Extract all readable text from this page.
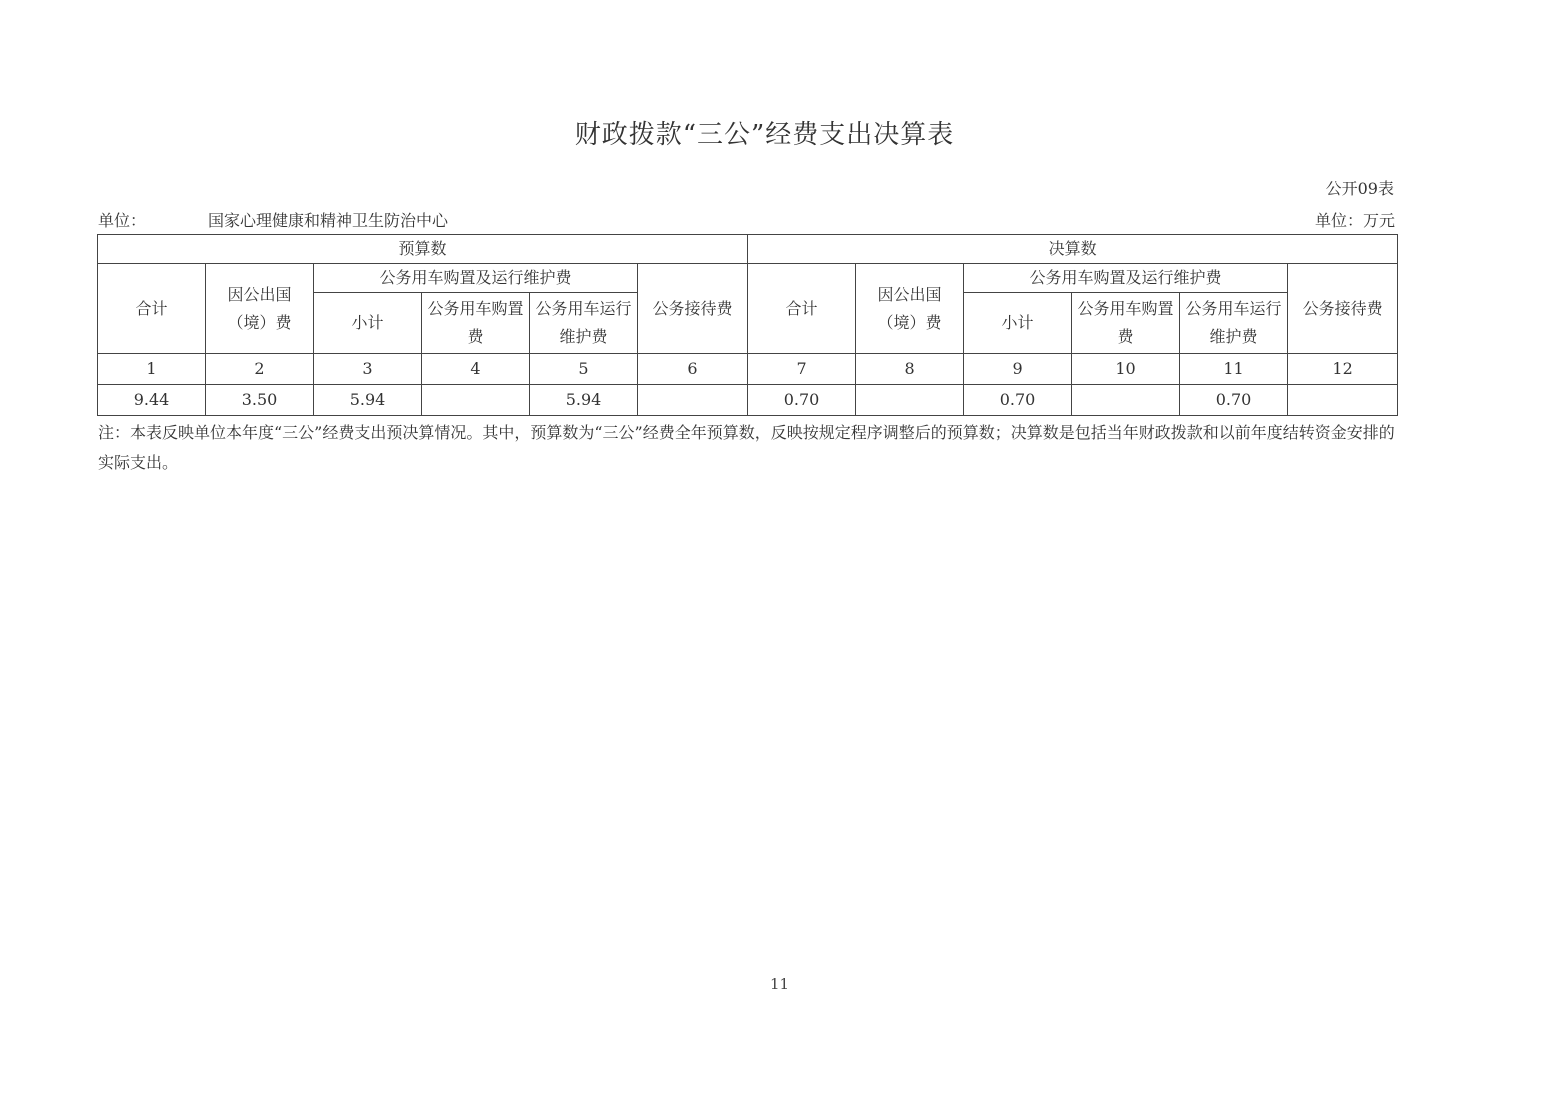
财政拨款“三公”经费支出决算表
公开09表
单位：	国家心理健康和精神卫生防治中心	单位：万元
预算数						决算数					
合计	因公出国（境）费	公务用车购置及运行维护费			公务接待费	合计	因公出国（境）费	公务用车购置及运行维护费			公务接待费
		小计	公务用车购置费	公务用车运行维护费				小计	公务用车购置费	公务用车运行维护费	
1	2	3	4	5	6	7	8	9	10	11	12
9.44	3.50	5.94		5.94		0.70		0.70		0.70	
注：本表反映单位本年度“三公”经费支出预决算情况。其中，预算数为“三公”经费全年预算数，反映按规定程序调整后的预算数；决算数是包括当年财政拨款和以前年度结转资金安排的实际支出。
11
